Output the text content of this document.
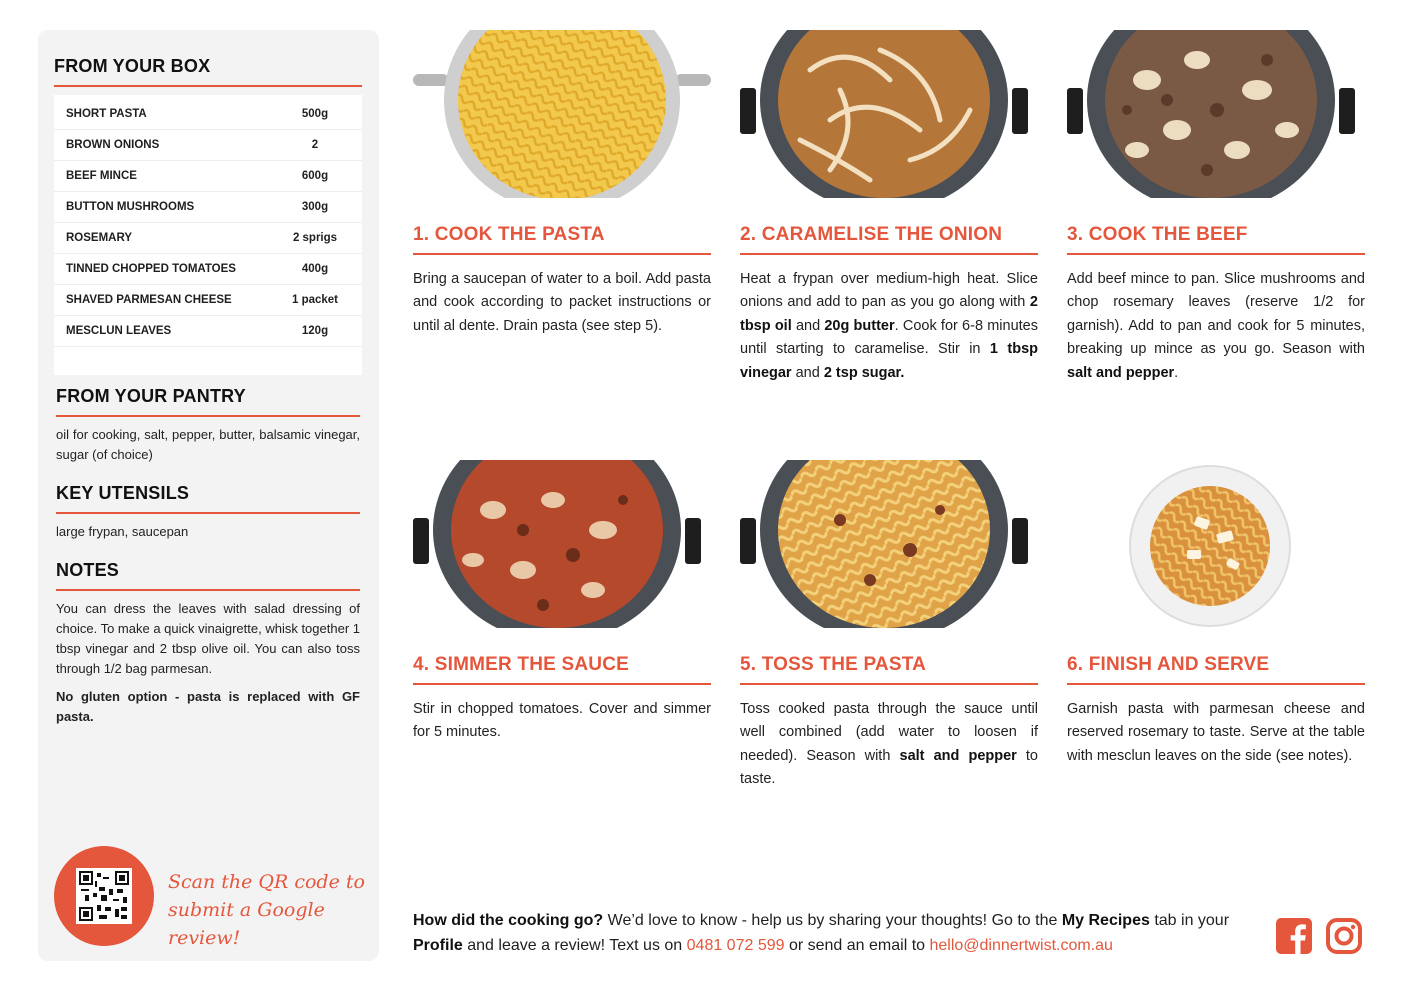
FROM YOUR BOX
SHORT PASTA	500g
BROWN ONIONS	2
BEEF MINCE	600g
BUTTON MUSHROOMS	300g
ROSEMARY	2 sprigs
TINNED CHOPPED TOMATOES	400g
SHAVED PARMESAN CHEESE	1 packet
MESCLUN LEAVES	120g
FROM YOUR PANTRY

oil for cooking, salt, pepper, butter, balsamic vinegar, sugar (of choice)

KEY UTENSILS

large frypan, saucepan

NOTES

You can dress the leaves with salad dressing of choice. To make a quick vinaigrette, whisk together 1 tbsp vinegar and 2 tbsp olive oil. You can also toss through 1/2 bag parmesan.

No gluten option - pasta is replaced with GF pasta.

Scan the QR code to
submit a Google review!
1. COOK THE PASTA

Bring a saucepan of water to a boil. Add pasta and cook according to packet instructions or until al dente. Drain pasta (see step 5).

2. CARAMELISE THE ONION

Heat a frypan over medium-high heat. Slice onions and add to pan as you go along with 2 tbsp oil and 20g butter. Cook for 6-8 minutes until starting to caramelise. Stir in 1 tbsp vinegar and 2 tsp sugar.

3. COOK THE BEEF

Add beef mince to pan. Slice mushrooms and chop rosemary leaves (reserve 1/2 for garnish). Add to pan and cook for 5 minutes, breaking up mince as you go. Season with salt and pepper.

4. SIMMER THE SAUCE

Stir in chopped tomatoes. Cover and simmer for 5 minutes.

5. TOSS THE PASTA

Toss cooked pasta through the sauce until well combined (add water to loosen if needed). Season with salt and pepper to taste.

6. FINISH AND SERVE

Garnish pasta with parmesan cheese and reserved rosemary to taste. Serve at the table with mesclun leaves on the side (see notes).

How did the cooking go? We’d love to know - help us by sharing your thoughts! Go to the My Recipes tab in your Profile and leave a review! Text us on 0481 072 599 or send an email to hello@dinnertwist.com.au
